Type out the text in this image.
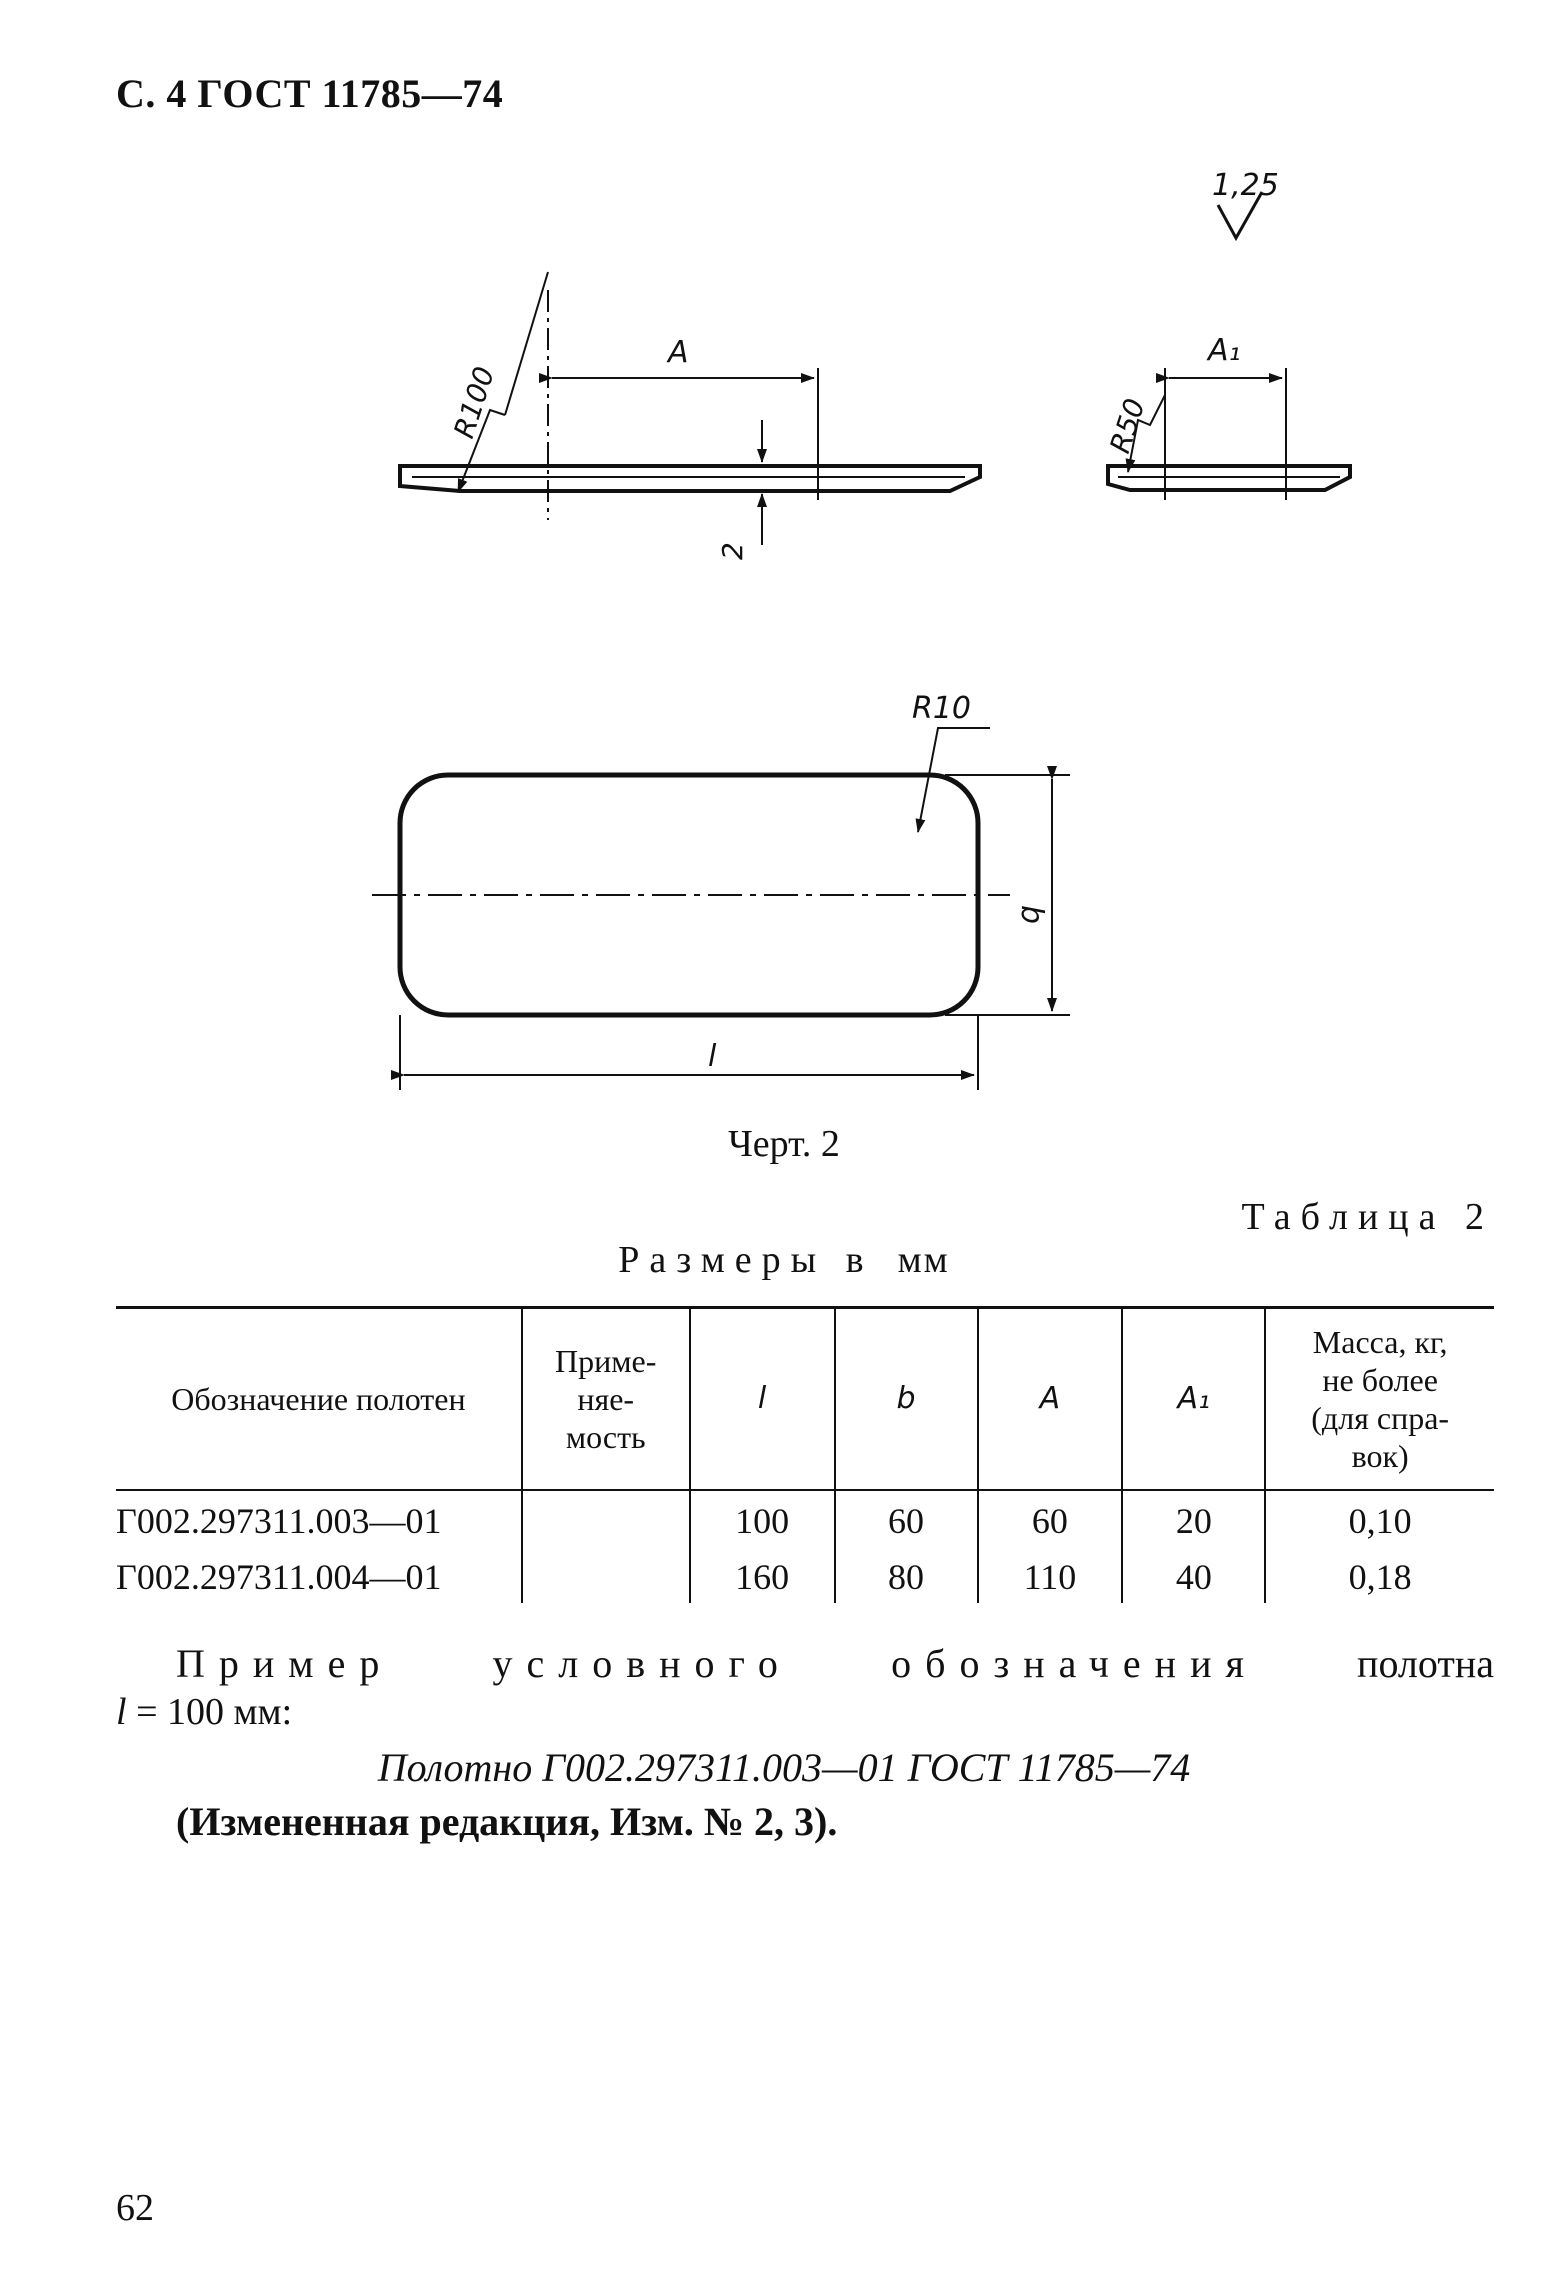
С. 4 ГОСТ 11785—74
1,25
A
R100
2
A₁
R50
R10
b
l
Черт. 2
Таблица 2
Размеры в мм
Обозначение полотен	Приме-
няе-
мость	l	b	A	A₁	Масса, кг,
не более
(для спра-
вок)
Г002.297311.003—01		100	60	60	20	0,10
Г002.297311.004—01		160	80	110	40	0,18
Пример условного обозначения полотна
l = 100 мм:
Полотно Г002.297311.003—01 ГОСТ 11785—74
(Измененная редакция, Изм. № 2, 3).
62
